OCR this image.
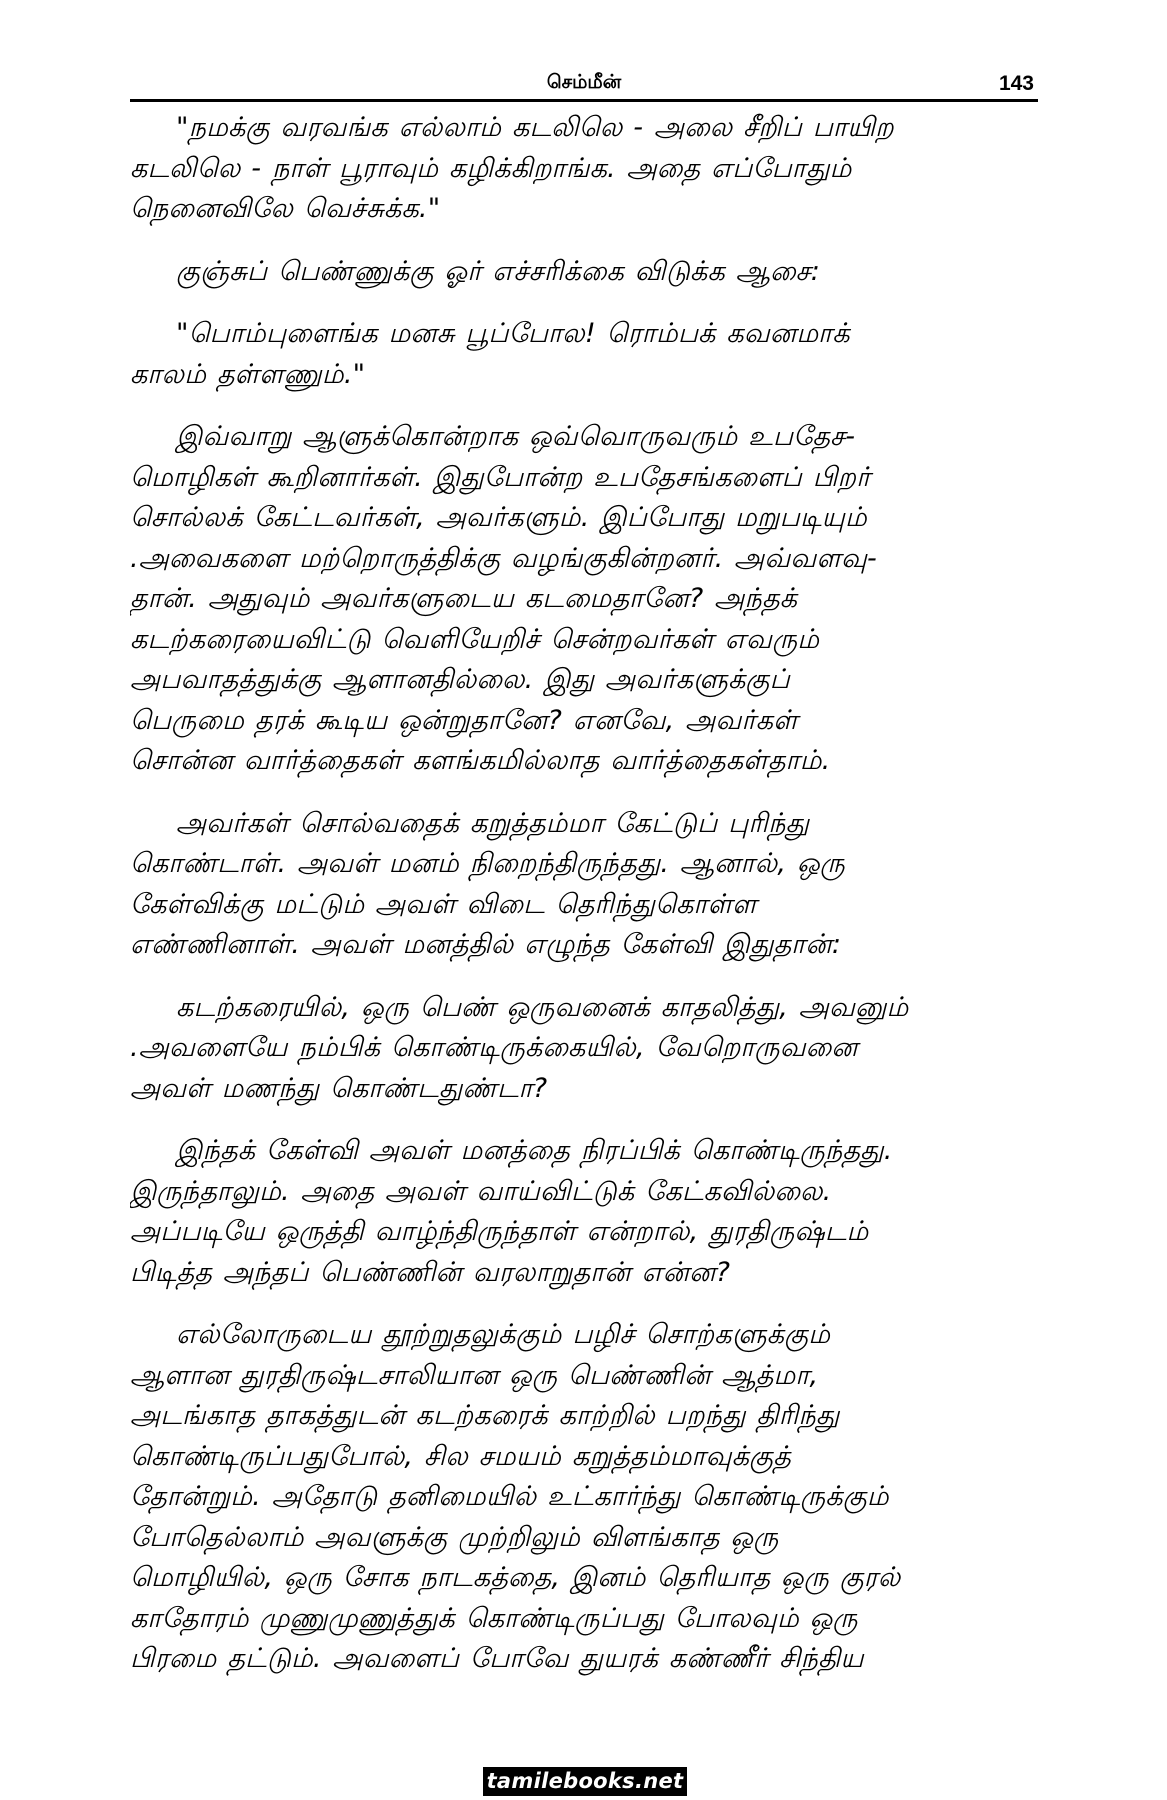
செம்மீன்	143

"நமக்கு வரவங்க எல்லாம் கடலிலெ - அலை சீறிப் பாயிற
கடலிலெ - நாள் பூராவும் கழிக்கிறாங்க. அதை எப்போதும்
நெனைவிலே வெச்சுக்க."

குஞ்சுப் பெண்ணுக்கு ஓர் எச்சரிக்கை விடுக்க ஆசை:

"பொம்புளைங்க மனசு பூப்போல! ரொம்பக் கவனமாக்
காலம் தள்ளணும்."

இவ்வாறு ஆளுக்கொன்றாக ஒவ்வொருவரும் உபதேச-
மொழிகள் கூறினார்கள். இதுபோன்ற உபதேசங்களைப் பிறர்
சொல்லக் கேட்டவர்கள், அவர்களும். இப்போது மறுபடியும்
.அவைகளை மற்றொருத்திக்கு வழங்குகின்றனர். அவ்வளவு-
தான். அதுவும் அவர்களுடைய கடமைதானே? அந்தக்
கடற்கரையைவிட்டு வெளியேறிச் சென்றவர்கள் எவரும்
அபவாதத்துக்கு ஆளானதில்லை. இது அவர்களுக்குப்
பெருமை தரக் கூடிய ஒன்றுதானே? எனவே, அவர்கள்
சொன்ன வார்த்தைகள் களங்கமில்லாத வார்த்தைகள்தாம்.

அவர்கள் சொல்வதைக் கறுத்தம்மா கேட்டுப் புரிந்து
கொண்டாள். அவள் மனம் நிறைந்திருந்தது. ஆனால், ஒரு
கேள்விக்கு மட்டும் அவள் விடை தெரிந்துகொள்ள
எண்ணினாள். அவள் மனத்தில் எழுந்த கேள்வி இதுதான்:

கடற்கரையில், ஒரு பெண் ஒருவனைக் காதலித்து, அவனும்
.அவளையே நம்பிக் கொண்டிருக்கையில், வேறொருவனை
அவள் மணந்து கொண்டதுண்டா?

இந்தக் கேள்வி அவள் மனத்தை நிரப்பிக் கொண்டிருந்தது.
இருந்தாலும். அதை அவள் வாய்விட்டுக் கேட்கவில்லை.
அப்படியே ஒருத்தி வாழ்ந்திருந்தாள் என்றால், துரதிருஷ்டம்
பிடித்த அந்தப் பெண்ணின் வரலாறுதான் என்ன?

எல்லோருடைய தூற்றுதலுக்கும் பழிச் சொற்களுக்கும்
ஆளான துரதிருஷ்டசாலியான ஒரு பெண்ணின் ஆத்மா,
அடங்காத தாகத்துடன் கடற்கரைக் காற்றில் பறந்து திரிந்து
கொண்டிருப்பதுபோல், சில சமயம் கறுத்தம்மாவுக்குத்
தோன்றும். அதோடு தனிமையில் உட்கார்ந்து கொண்டிருக்கும்
போதெல்லாம் அவளுக்கு முற்றிலும் விளங்காத ஒரு
மொழியில், ஒரு சோக நாடகத்தை, இனம் தெரியாத ஒரு குரல்
காதோரம் முணுமுணுத்துக் கொண்டிருப்பது போலவும் ஒரு
பிரமை தட்டும். அவளைப் போவே துயரக் கண்ணீர் சிந்திய

tamilebooks.net
